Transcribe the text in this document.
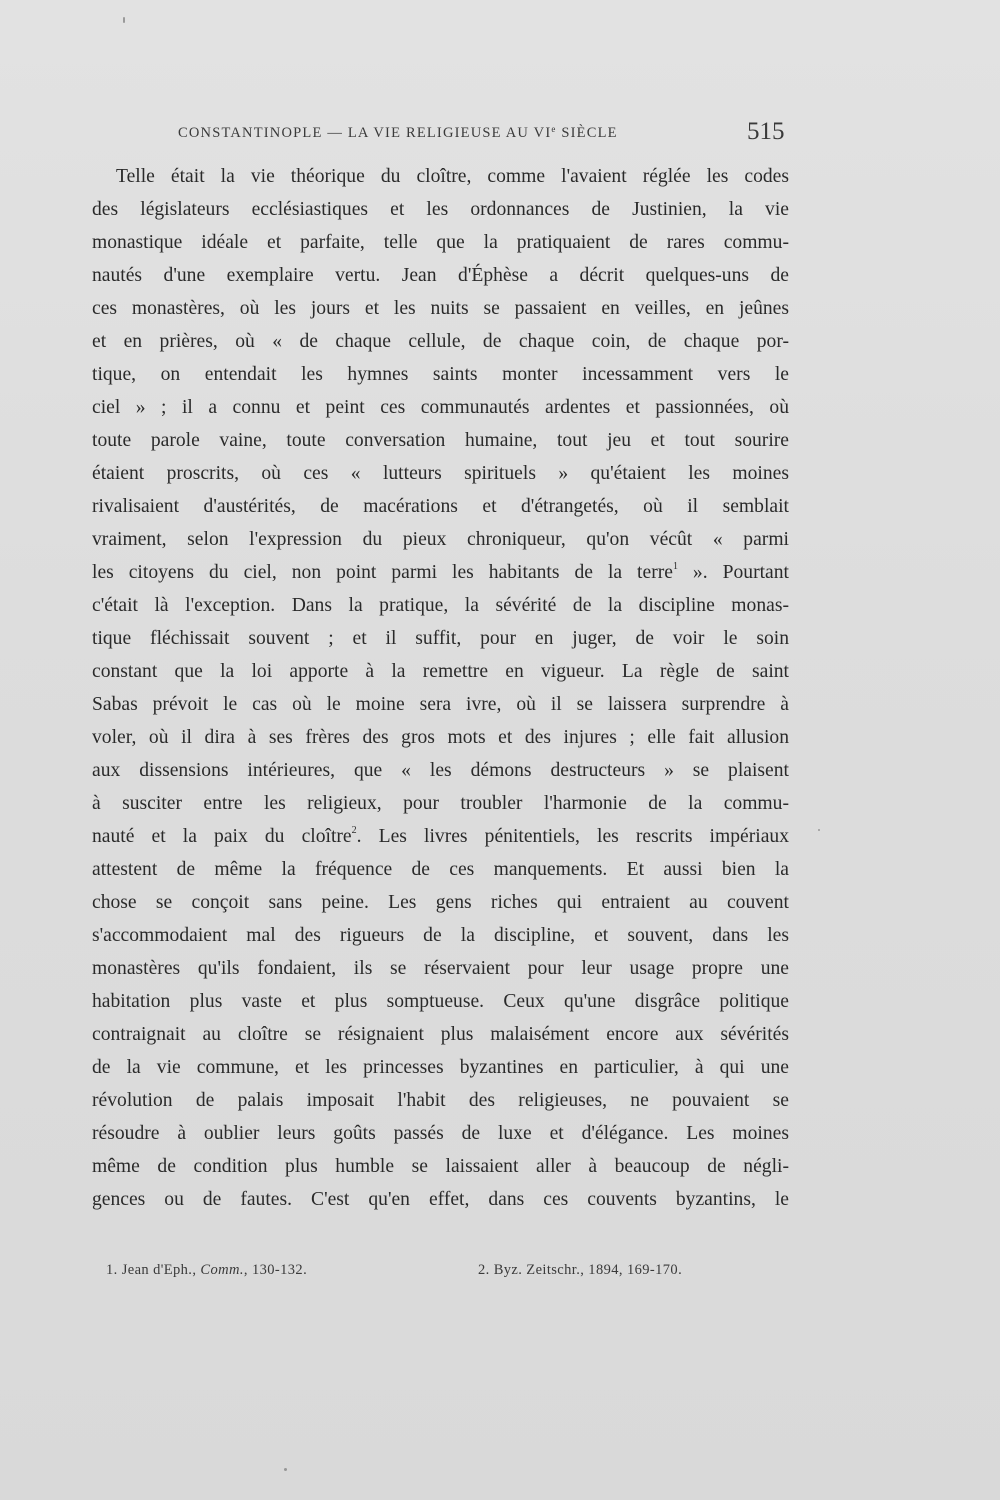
CONSTANTINOPLE — LA VIE RELIGIEUSE AU VIe SIÈCLE	515
Telle était la vie théorique du cloître, comme l'avaient réglée les codes
des législateurs ecclésiastiques et les ordonnances de Justinien, la vie
monastique idéale et parfaite, telle que la pratiquaient de rares commu-
nautés d'une exemplaire vertu. Jean d'Éphèse a décrit quelques-uns de
ces monastères, où les jours et les nuits se passaient en veilles, en jeûnes
et en prières, où « de chaque cellule, de chaque coin, de chaque por-
tique, on entendait les hymnes saints monter incessamment vers le
ciel » ; il a connu et peint ces communautés ardentes et passionnées, où
toute parole vaine, toute conversation humaine, tout jeu et tout sourire
étaient proscrits, où ces « lutteurs spirituels » qu'étaient les moines
rivalisaient d'austérités, de macérations et d'étrangetés, où il semblait
vraiment, selon l'expression du pieux chroniqueur, qu'on vécût « parmi
les citoyens du ciel, non point parmi les habitants de la terre$^1$ ». Pourtant
c'était là l'exception. Dans la pratique, la sévérité de la discipline monas-
tique fléchissait souvent ; et il suffit, pour en juger, de voir le soin
constant que la loi apporte à la remettre en vigueur. La règle de saint
Sabas prévoit le cas où le moine sera ivre, où il se laissera surprendre à
voler, où il dira à ses frères des gros mots et des injures ; elle fait allusion
aux dissensions intérieures, que « les démons destructeurs » se plaisent
à susciter entre les religieux, pour troubler l'harmonie de la commu-
nauté et la paix du cloître$^2$. Les livres pénitentiels, les rescrits impériaux
attestent de même la fréquence de ces manquements. Et aussi bien la
chose se conçoit sans peine. Les gens riches qui entraient au couvent
s'accommodaient mal des rigueurs de la discipline, et souvent, dans les
monastères qu'ils fondaient, ils se réservaient pour leur usage propre une
habitation plus vaste et plus somptueuse. Ceux qu'une disgrâce politique
contraignait au cloître se résignaient plus malaisément encore aux sévérités
de la vie commune, et les princesses byzantines en particulier, à qui une
révolution de palais imposait l'habit des religieuses, ne pouvaient se
résoudre à oublier leurs goûts passés de luxe et d'élégance. Les moines
même de condition plus humble se laissaient aller à beaucoup de négli-
gences ou de fautes. C'est qu'en effet, dans ces couvents byzantins, le
1. Jean d'Eph., Comm., 130-132.	2. Byz. Zeitschr., 1894, 169-170.
